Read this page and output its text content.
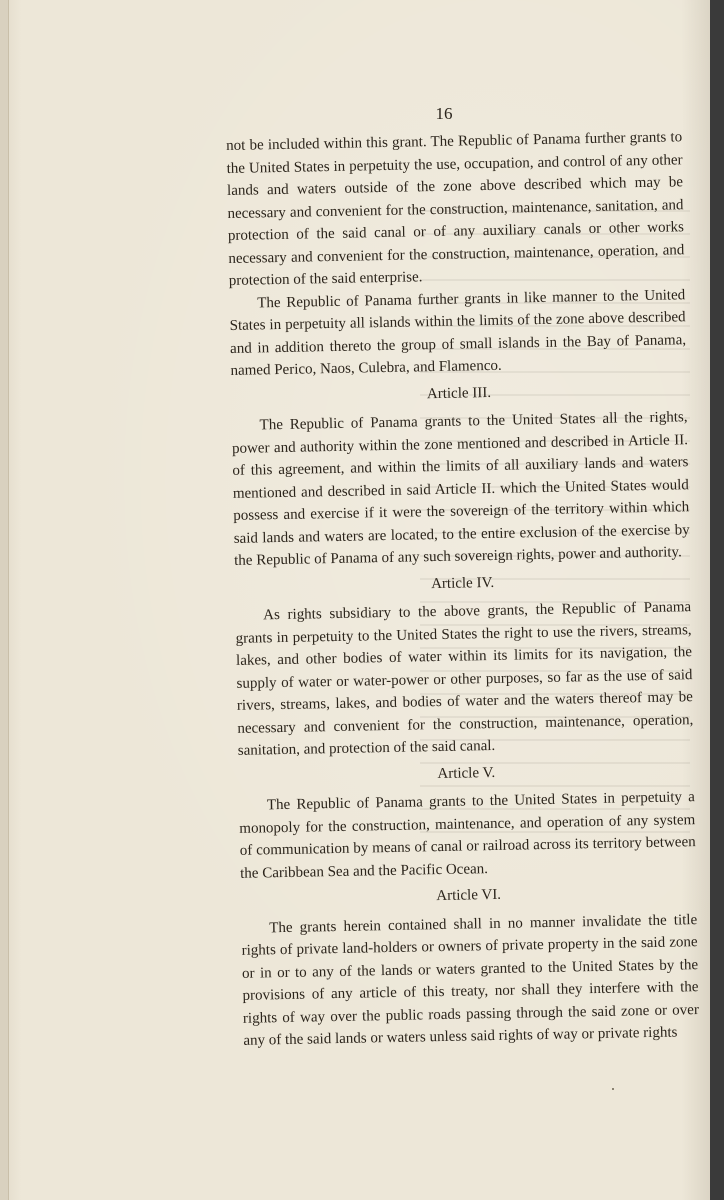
16

not be included within this grant. The Republic of Panama further grants to the United States in perpetuity the use, occupation, and control of any other lands and waters outside of the zone above described which may be necessary and convenient for the construction, maintenance, sanitation, and protection of the said canal or of any auxiliary canals or other works necessary and convenient for the construction, maintenance, operation, and protection of the said enterprise.

The Republic of Panama further grants in like manner to the United States in perpetuity all islands within the limits of the zone above described and in addition thereto the group of small islands in the Bay of Panama, named Perico, Naos, Culebra, and Flamenco.

Article III.

The Republic of Panama grants to the United States all the rights, power and authority within the zone mentioned and described in Article II. of this agreement, and within the limits of all auxiliary lands and waters mentioned and described in said Article II. which the United States would possess and exercise if it were the sovereign of the territory within which said lands and waters are located, to the entire exclusion of the exercise by the Republic of Panama of any such sovereign rights, power and authority.

Article IV.

As rights subsidiary to the above grants, the Republic of Panama grants in perpetuity to the United States the right to use the rivers, streams, lakes, and other bodies of water within its limits for its navigation, the supply of water or water-power or other purposes, so far as the use of said rivers, streams, lakes, and bodies of water and the waters thereof may be necessary and convenient for the construction, maintenance, operation, sanitation, and protection of the said canal.

Article V.

The Republic of Panama grants to the United States in perpetuity a monopoly for the construction, maintenance, and operation of any system of communication by means of canal or railroad across its territory between the Caribbean Sea and the Pacific Ocean.

Article VI.

The grants herein contained shall in no manner invalidate the title rights of private land-holders or owners of private property in the said zone or in or to any of the lands or waters granted to the United States by the provisions of any article of this treaty, nor shall they interfere with the rights of way over the public roads passing through the said zone or over any of the said lands or waters unless said rights of way or private rights
